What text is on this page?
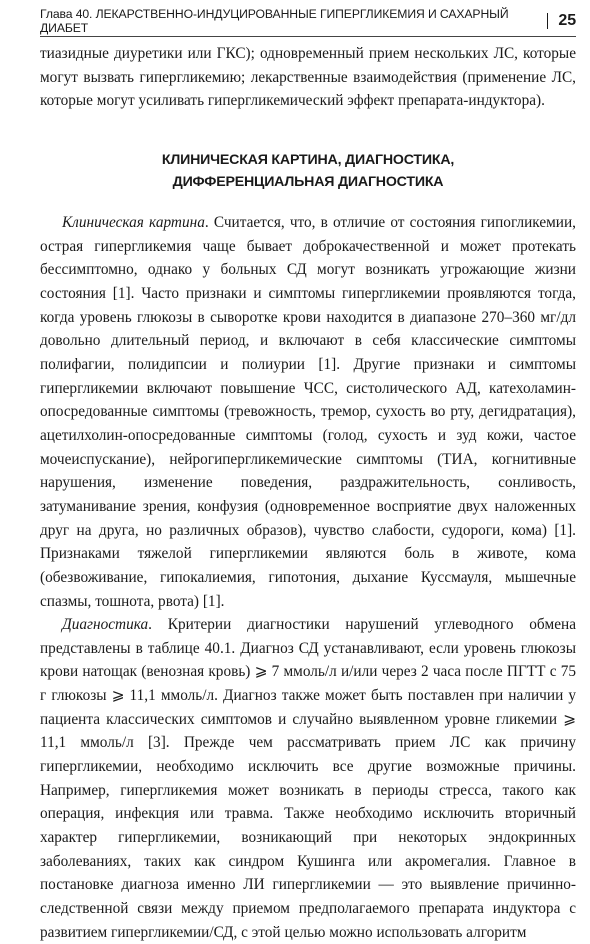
Глава 40. ЛЕКАРСТВЕННО-ИНДУЦИРОВАННЫЕ ГИПЕРГЛИКЕМИЯ И САХАРНЫЙ ДИАБЕТ	25

тиазидные диуретики или ГКС); одновременный прием нескольких ЛС, которые могут вызвать гипергликемию; лекарственные взаимодействия (применение ЛС, которые могут усиливать гипергликемический эффект препарата-индуктора).

КЛИНИЧЕСКАЯ КАРТИНА, ДИАГНОСТИКА,
ДИФФЕРЕНЦИАЛЬНАЯ ДИАГНОСТИКА

Клиническая картина. Считается, что, в отличие от состояния гипогликемии, острая гипергликемия чаще бывает доброкачественной и может протекать бессимптомно, однако у больных СД могут возникать угрожающие жизни состояния [1]. Часто признаки и симптомы гипергликемии проявляются тогда, когда уровень глюкозы в сыворотке крови находится в диапазоне 270–360 мг/дл довольно длительный период, и включают в себя классические симптомы полифагии, полидипсии и полиурии [1]. Другие признаки и симптомы гипергликемии включают повышение ЧСС, систолического АД, катехоламин-опосредованные симптомы (тревожность, тремор, сухость во рту, дегидратация), ацетилхолин-опосредованные симптомы (голод, сухость и зуд кожи, частое мочеиспускание), нейрогипергликемические симптомы (ТИА, когнитивные нарушения, изменение поведения, раздражительность, сонливость, затуманивание зрения, конфузия (одновременное восприятие двух наложенных друг на друга, но различных образов), чувство слабости, судороги, кома) [1]. Признаками тяжелой гипергликемии являются боль в животе, кома (обезвоживание, гипокалиемия, гипотония, дыхание Куссмауля, мышечные спазмы, тошнота, рвота) [1].

Диагностика. Критерии диагностики нарушений углеводного обмена представлены в таблице 40.1. Диагноз СД устанавливают, если уровень глюкозы крови натощак (венозная кровь) ⩾ 7 ммоль/л и/или через 2 часа после ПГТТ с 75 г глюкозы ⩾ 11,1 ммоль/л. Диагноз также может быть поставлен при наличии у пациента классических симптомов и случайно выявленном уровне гликемии ⩾ 11,1 ммоль/л [3]. Прежде чем рассматривать прием ЛС как причину гипергликемии, необходимо исключить все другие возможные причины. Например, гипергликемия может возникать в периоды стресса, такого как операция, инфекция или травма. Также необходимо исключить вторичный характер гипергликемии, возникающий при некоторых эндокринных заболеваниях, таких как синдром Кушинга или акромегалия. Главное в постановке диагноза именно ЛИ гипергликемии — это выявление причинно-следственной связи между приемом предполагаемого препарата индуктора с развитием гипергликемии/СД, с этой целью можно использовать алгоритм
